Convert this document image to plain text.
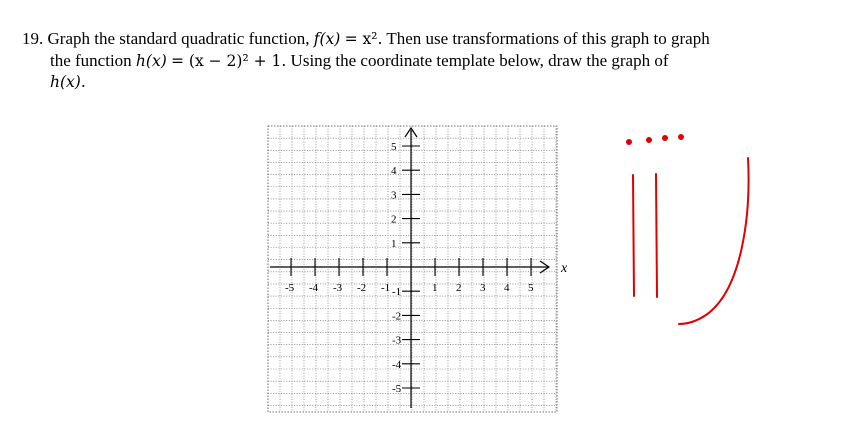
19. Graph the standard quadratic function, f(x) = x². Then use transformations of this graph to graph
the function h(x) = (x − 2)² + 1. Using the coordinate template below, draw the graph of
h(x).
x
-5 -4 -3 -2 -1	1 2 3 4 5
5
4
3
2
1
-1
-2
-3
-4
-5
